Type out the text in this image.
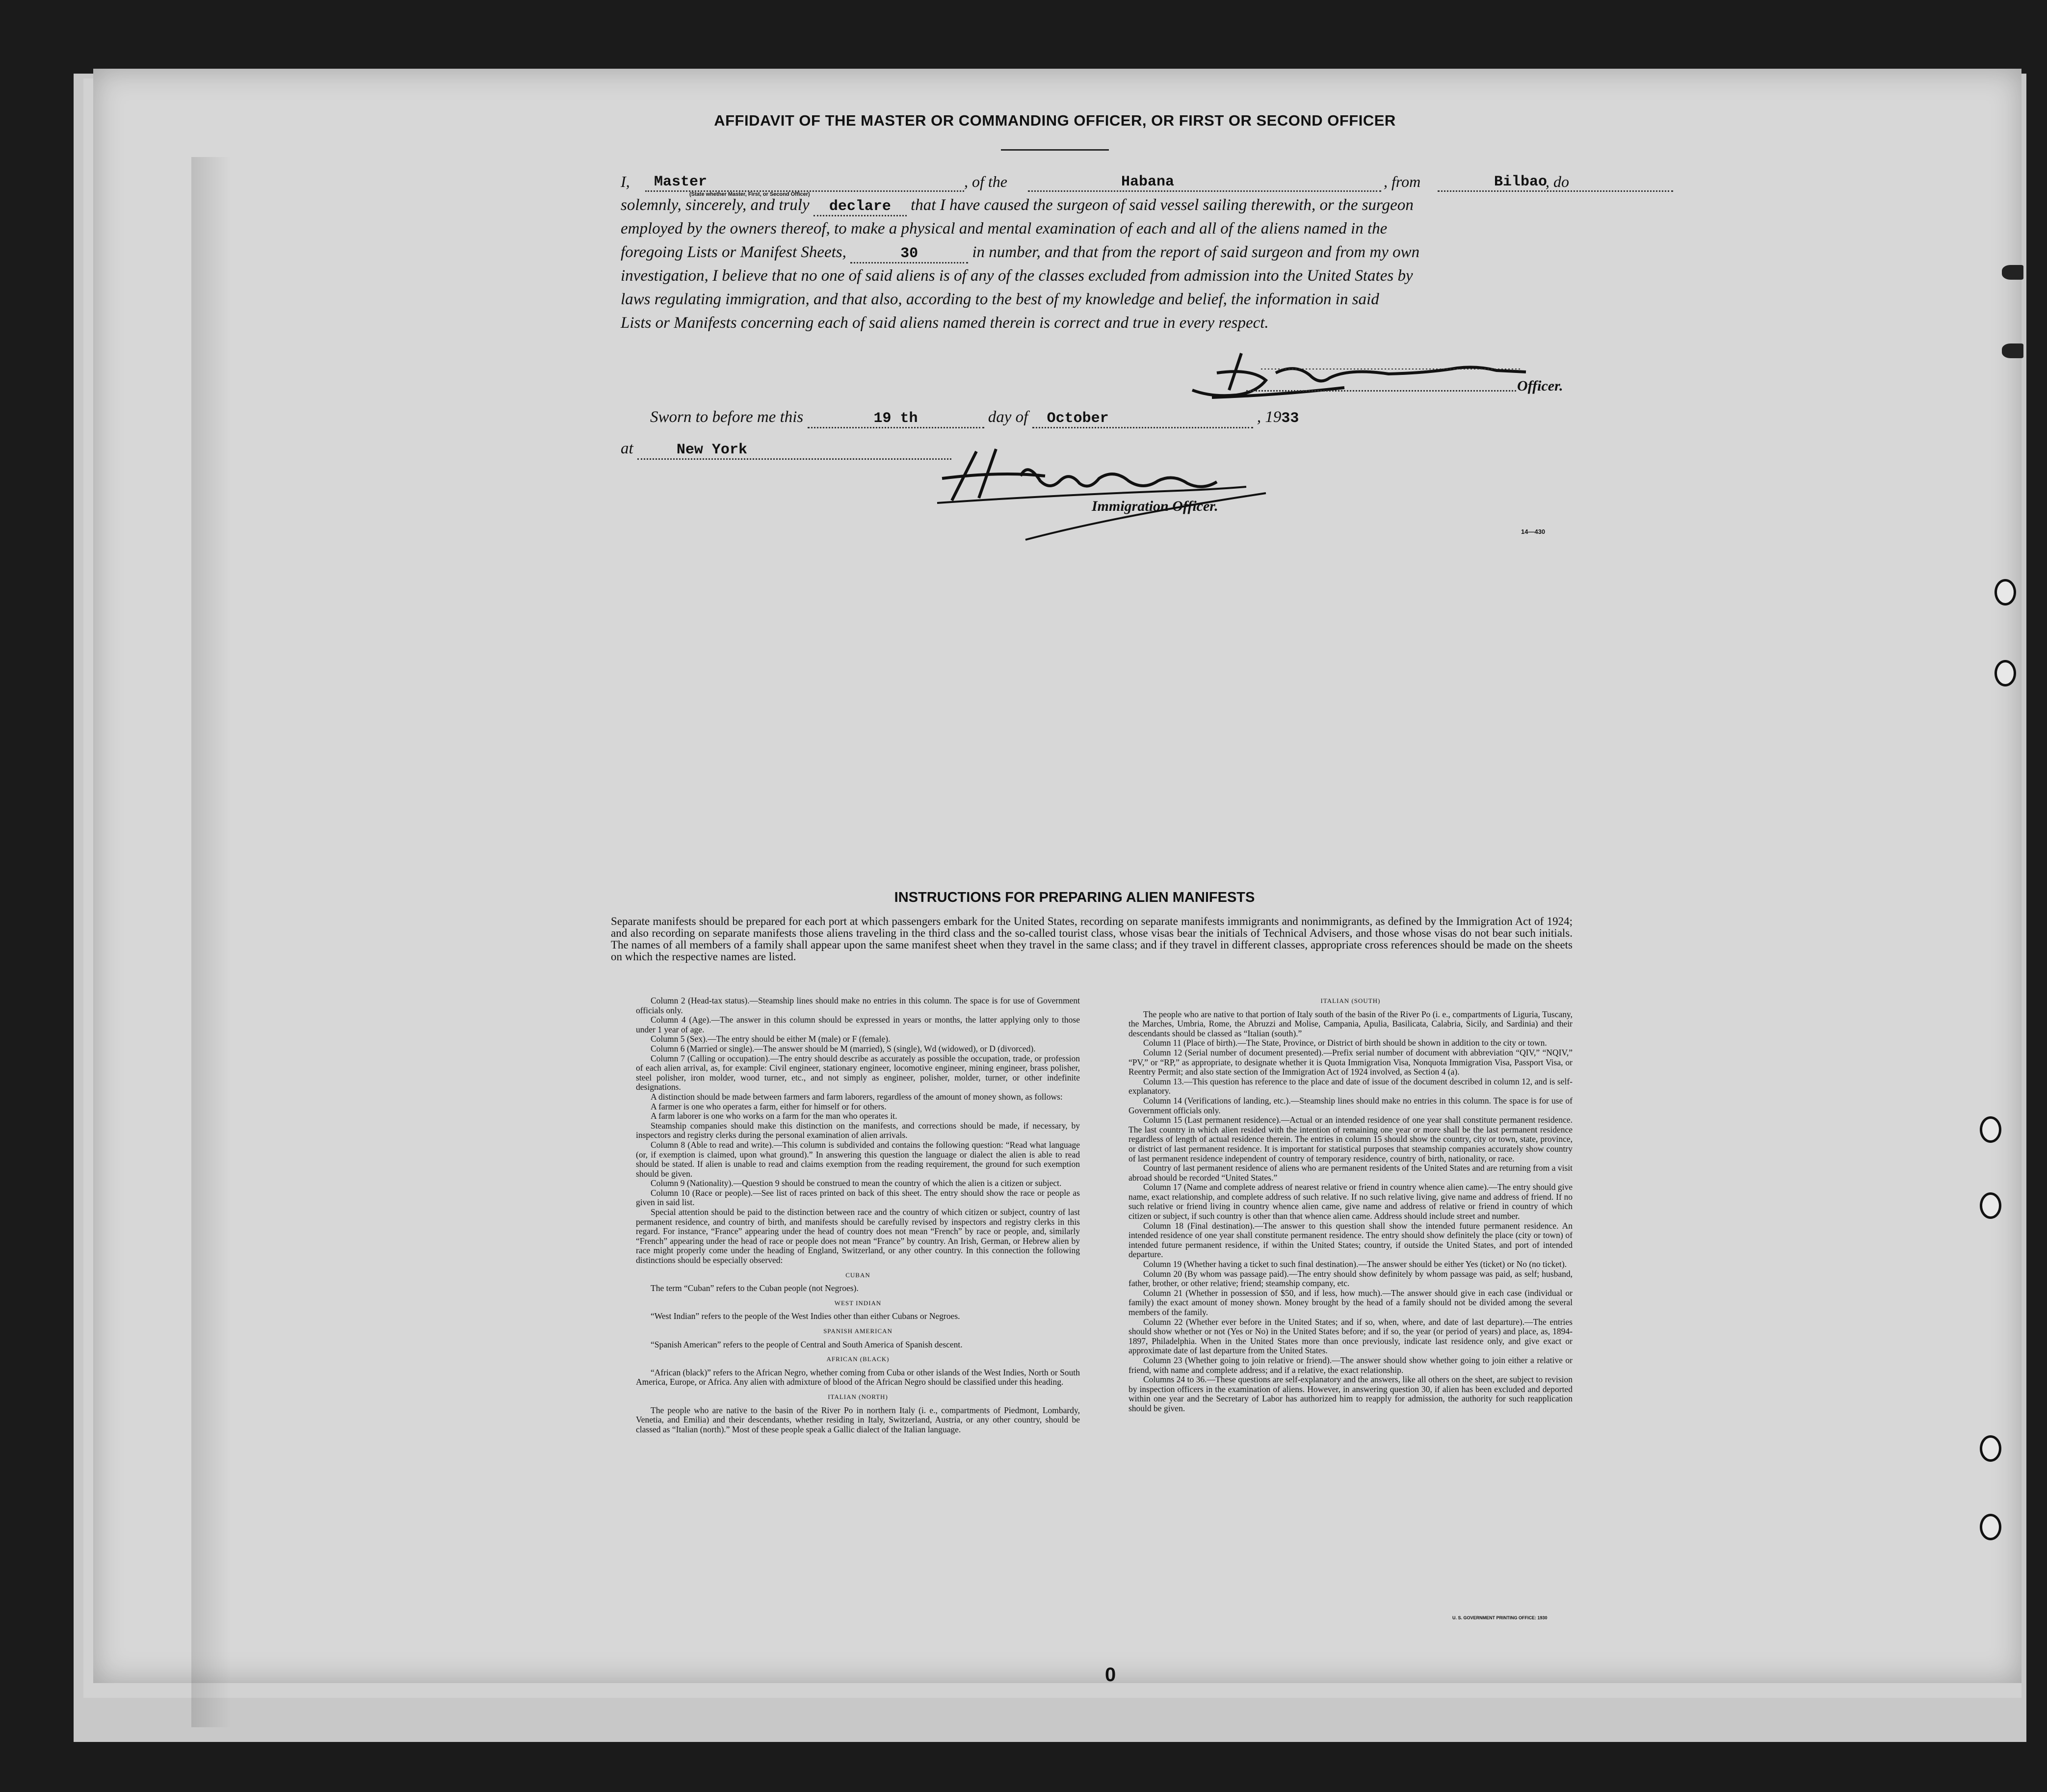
AFFIDAVIT OF THE MASTER OR COMMANDING OFFICER, OR FIRST OR SECOND OFFICER
I, Master
(State whether Master, First, or Second Officer)
, of the	Habana	, from	Bilbao
, do
solemnly, sincerely, and truly declare that I have caused the surgeon of said vessel sailing therewith, or the surgeon
employed by the owners thereof, to make a physical and mental examination of each and all of the aliens named in the
foregoing Lists or Manifest Sheets,	30	in number, and that from the report of said surgeon and from my own
investigation, I believe that no one of said aliens is of any of the classes excluded from admission into the United States by
laws regulating immigration, and that also, according to the best of my knowledge and belief, the information in said
Lists or Manifests concerning each of said aliens named therein is correct and true in every respect.
Officer.
Sworn to before me this	19 th	day of October	, 1933
at	New York
Immigration Officer.
14—430
INSTRUCTIONS FOR PREPARING ALIEN MANIFESTS
Separate manifests should be prepared for each port at which passengers embark for the United States, recording on separate manifests immigrants and nonimmigrants, as defined by the Immigration Act of 1924; and also recording on separate manifests those aliens traveling in the third class and the so-called tourist class, whose visas bear the initials of Technical Advisers, and those whose visas do not bear such initials. The names of all members of a family shall appear upon the same manifest sheet when they travel in the same class; and if they travel in different classes, appropriate cross references should be made on the sheets on which the respective names are listed.

Column 2 (Head-tax status).—Steamship lines should make no entries in this column. The space is for use of Government officials only.

Column 4 (Age).—The answer in this column should be expressed in years or months, the latter applying only to those under 1 year of age.

Column 5 (Sex).—The entry should be either M (male) or F (female).

Column 6 (Married or single).—The answer should be M (married), S (single), Wd (widowed), or D (divorced).

Column 7 (Calling or occupation).—The entry should describe as accurately as possible the occupation, trade, or profession of each alien arrival, as, for example: Civil engineer, stationary engineer, locomotive engineer, mining engineer, brass polisher, steel polisher, iron molder, wood turner, etc., and not simply as engineer, polisher, molder, turner, or other indefinite designations.

A distinction should be made between farmers and farm laborers, regardless of the amount of money shown, as follows:

A farmer is one who operates a farm, either for himself or for others.

A farm laborer is one who works on a farm for the man who operates it.

Steamship companies should make this distinction on the manifests, and corrections should be made, if necessary, by inspectors and registry clerks during the personal examination of alien arrivals.

Column 8 (Able to read and write).—This column is subdivided and contains the following question: “Read what language (or, if exemption is claimed, upon what ground).” In answering this question the language or dialect the alien is able to read should be stated. If alien is unable to read and claims exemption from the reading requirement, the ground for such exemption should be given.

Column 9 (Nationality).—Question 9 should be construed to mean the country of which the alien is a citizen or subject.

Column 10 (Race or people).—See list of races printed on back of this sheet. The entry should show the race or people as given in said list.

Special attention should be paid to the distinction between race and the country of which citizen or subject, country of last permanent residence, and country of birth, and manifests should be carefully revised by inspectors and registry clerks in this regard. For instance, “France” appearing under the head of country does not mean “French” by race or people, and, similarly “French” appearing under the head of race or people does not mean “France” by country. An Irish, German, or Hebrew alien by race might properly come under the heading of England, Switzerland, or any other country. In this connection the following distinctions should be especially observed:

CUBAN

The term “Cuban” refers to the Cuban people (not Negroes).

WEST INDIAN

“West Indian” refers to the people of the West Indies other than either Cubans or Negroes.

SPANISH AMERICAN

“Spanish American” refers to the people of Central and South America of Spanish descent.

AFRICAN (BLACK)

“African (black)” refers to the African Negro, whether coming from Cuba or other islands of the West Indies, North or South America, Europe, or Africa. Any alien with admixture of blood of the African Negro should be classified under this heading.

ITALIAN (NORTH)

The people who are native to the basin of the River Po in northern Italy (i. e., compartments of Piedmont, Lombardy, Venetia, and Emilia) and their descendants, whether residing in Italy, Switzerland, Austria, or any other country, should be classed as “Italian (north).” Most of these people speak a Gallic dialect of the Italian language.

ITALIAN (SOUTH)

The people who are native to that portion of Italy south of the basin of the River Po (i. e., compartments of Liguria, Tuscany, the Marches, Umbria, Rome, the Abruzzi and Molise, Campania, Apulia, Basilicata, Calabria, Sicily, and Sardinia) and their descendants should be classed as “Italian (south).”

Column 11 (Place of birth).—The State, Province, or District of birth should be shown in addition to the city or town.

Column 12 (Serial number of document presented).—Prefix serial number of document with abbreviation “QIV,” “NQIV,” “PV,” or “RP,” as appropriate, to designate whether it is Quota Immigration Visa, Nonquota Immigration Visa, Passport Visa, or Reentry Permit; and also state section of the Immigration Act of 1924 involved, as Section 4 (a).

Column 13.—This question has reference to the place and date of issue of the document described in column 12, and is self-explanatory.

Column 14 (Verifications of landing, etc.).—Steamship lines should make no entries in this column. The space is for use of Government officials only.

Column 15 (Last permanent residence).—Actual or an intended residence of one year shall constitute permanent residence. The last country in which alien resided with the intention of remaining one year or more shall be the last permanent residence regardless of length of actual residence therein. The entries in column 15 should show the country, city or town, state, province, or district of last permanent residence. It is important for statistical purposes that steamship companies accurately show country of last permanent residence independent of country of temporary residence, country of birth, nationality, or race.

Country of last permanent residence of aliens who are permanent residents of the United States and are returning from a visit abroad should be recorded “United States.”

Column 17 (Name and complete address of nearest relative or friend in country whence alien came).—The entry should give name, exact relationship, and complete address of such relative. If no such relative living, give name and address of friend. If no such relative or friend living in country whence alien came, give name and address of relative or friend in country of which citizen or subject, if such country is other than that whence alien came. Address should include street and number.

Column 18 (Final destination).—The answer to this question shall show the intended future permanent residence. An intended residence of one year shall constitute permanent residence. The entry should show definitely the place (city or town) of intended future permanent residence, if within the United States; country, if outside the United States, and port of intended departure.

Column 19 (Whether having a ticket to such final destination).—The answer should be either Yes (ticket) or No (no ticket).

Column 20 (By whom was passage paid).—The entry should show definitely by whom passage was paid, as self; husband, father, brother, or other relative; friend; steamship company, etc.

Column 21 (Whether in possession of $50, and if less, how much).—The answer should give in each case (individual or family) the exact amount of money shown. Money brought by the head of a family should not be divided among the several members of the family.

Column 22 (Whether ever before in the United States; and if so, when, where, and date of last departure).—The entries should show whether or not (Yes or No) in the United States before; and if so, the year (or period of years) and place, as, 1894-1897, Philadelphia. When in the United States more than once previously, indicate last residence only, and give exact or approximate date of last departure from the United States.

Column 23 (Whether going to join relative or friend).—The answer should show whether going to join either a relative or friend, with name and complete address; and if a relative, the exact relationship.

Columns 24 to 36.—These questions are self-explanatory and the answers, like all others on the sheet, are subject to revision by inspection officers in the examination of aliens. However, in answering question 30, if alien has been excluded and deported within one year and the Secretary of Labor has authorized him to reapply for admission, the authority for such reapplication should be given.

U. S. GOVERNMENT PRINTING OFFICE: 1930
0
